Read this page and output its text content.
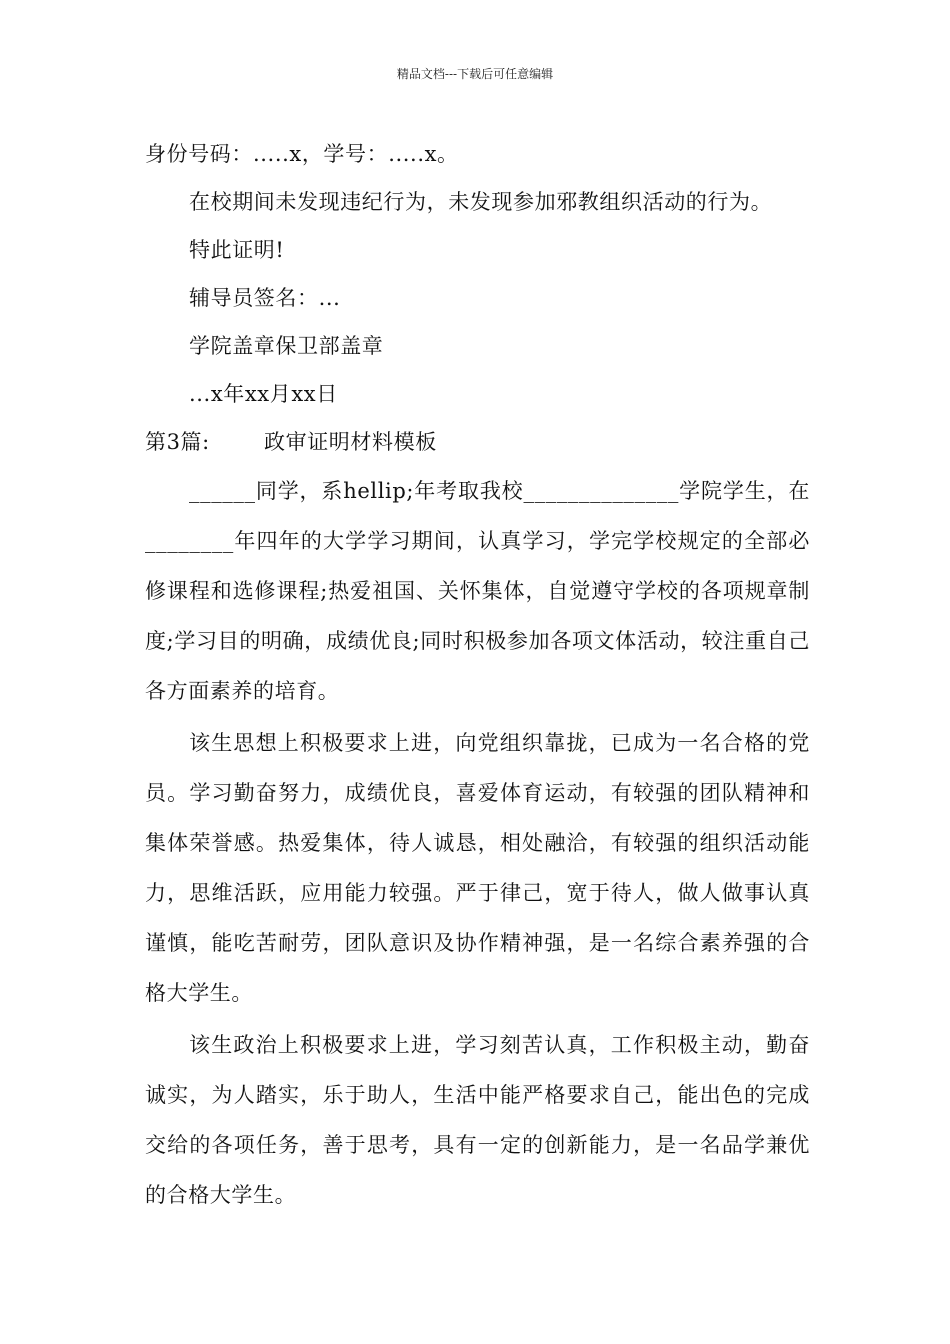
精品文档---下载后可任意编辑
身份号码：.....x，学号：.....x。
在校期间未发现违纪行为，未发现参加邪教组织活动的行为。
特此证明!
辅导员签名：...
学院盖章保卫部盖章
...x年xx月xx日
第3篇:	政审证明材料模板

______同学，系hellip;年考取我校______________学院学生，在________年四年的大学学习期间，认真学习，学完学校规定的全部必修课程和选修课程;热爱祖国、关怀集体，自觉遵守学校的各项规章制度;学习目的明确，成绩优良;同时积极参加各项文体活动，较注重自己各方面素养的培育。

该生思想上积极要求上进，向党组织靠拢，已成为一名合格的党员。学习勤奋努力，成绩优良，喜爱体育运动，有较强的团队精神和集体荣誉感。热爱集体，待人诚恳，相处融洽，有较强的组织活动能力，思维活跃，应用能力较强。严于律己，宽于待人，做人做事认真谨慎，能吃苦耐劳，团队意识及协作精神强，是一名综合素养强的合格大学生。

该生政治上积极要求上进，学习刻苦认真，工作积极主动，勤奋诚实，为人踏实，乐于助人，生活中能严格要求自己，能出色的完成交给的各项任务，善于思考，具有一定的创新能力，是一名品学兼优的合格大学生。
